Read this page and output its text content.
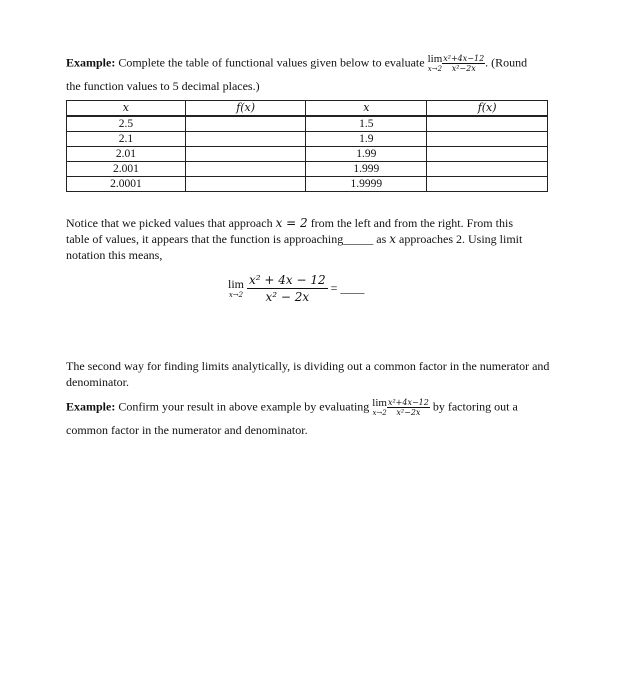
Example: Complete the table of functional values given below to evaluate lim
$x\to 2 \frac{\text{x²+4x−12}}{\text{x²−2x}}$ . (Round
the function values to 5 decimal places.)
x	f(x)	x	f(x)
2.5		1.5	
2.1		1.9	
2.01		1.99	
2.001		1.999	
2.0001		1.9999	
Notice that we picked values that approach x = 2 from the left and from the right. From this
table of values, it appears that the function is approaching_____ as x approaches 2. Using limit
notation this means,
lim
x→2
$\frac{\text{x² + 4x − 12}}{\text{x² − 2x}}$ = ____
The second way for finding limits analytically, is dividing out a common factor in the numerator and denominator.
Example: Confirm your result in above example by evaluating lim
$x\to 2 \frac{\text{x²+4x−12}}{\text{x²−2x}}$ by factoring out a
common factor in the numerator and denominator.
